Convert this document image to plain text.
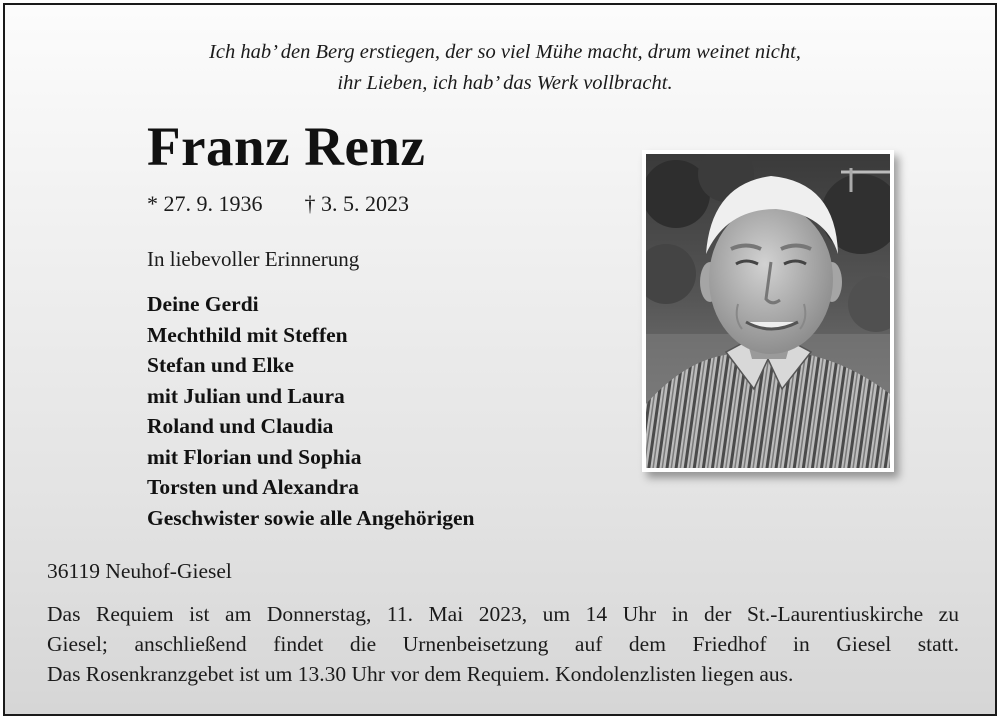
Ich hab’ den Berg erstiegen, der so viel Mühe macht, drum weinet nicht,
ihr Lieben, ich hab’ das Werk vollbracht.
Franz Renz
* 27. 9. 1936 † 3. 5. 2023
In liebevoller Erinnerung
Deine Gerdi
Mechthild mit Steffen
Stefan und Elke
mit Julian und Laura
Roland und Claudia
mit Florian und Sophia
Torsten und Alexandra
Geschwister sowie alle Angehörigen
36119 Neuhof-Giesel
Das Requiem ist am Donnerstag, 11. Mai 2023, um 14 Uhr in der St.-Laurentiuskirche zu
Giesel; anschließend findet die Urnenbeisetzung auf dem Friedhof in Giesel statt.
Das Rosenkranzgebet ist um 13.30 Uhr vor dem Requiem. Kondolenzlisten liegen aus.
